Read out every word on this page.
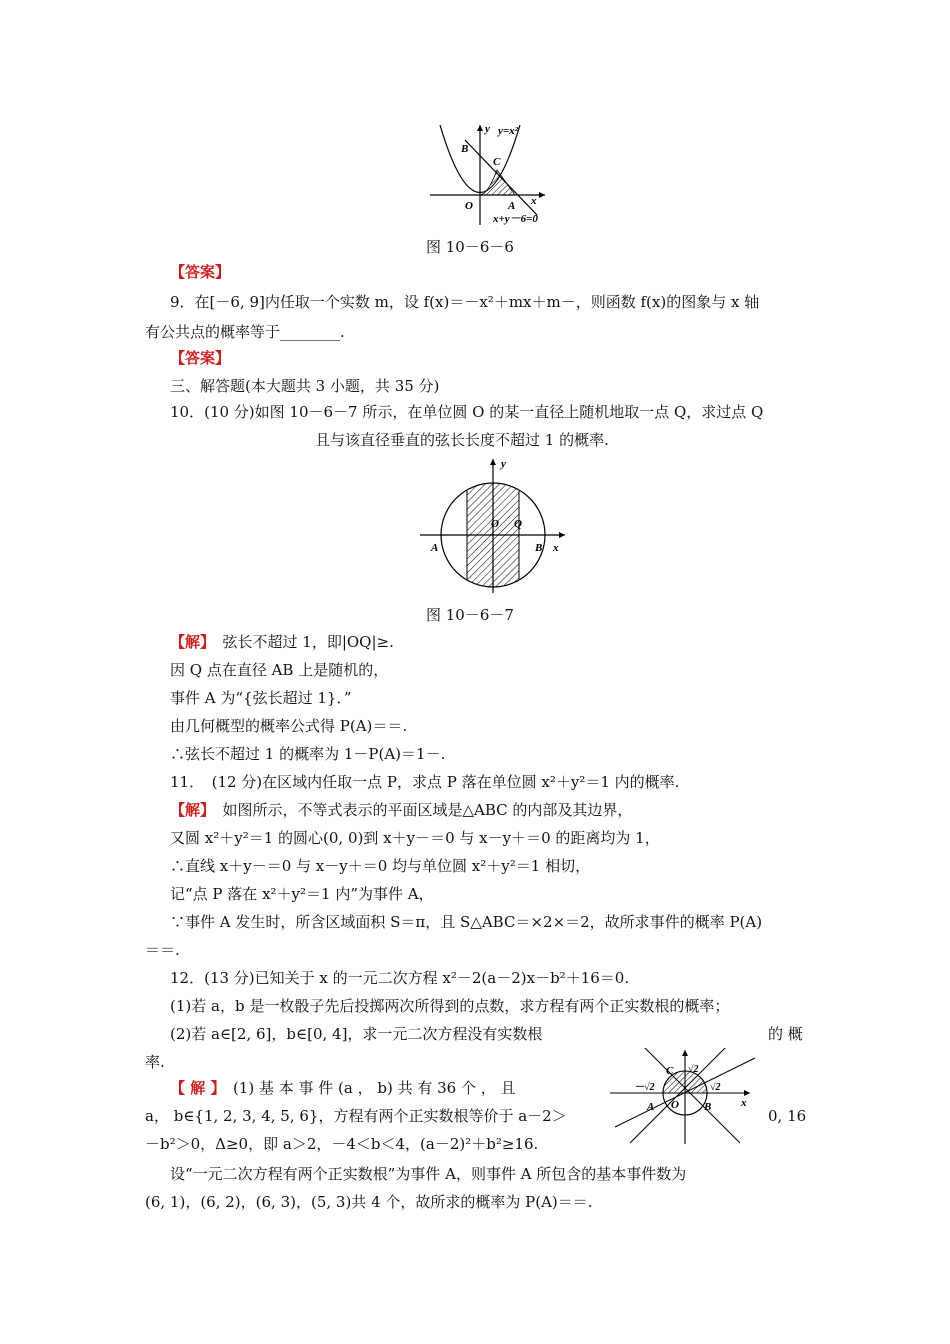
y y=x²
B
C
O	A x
x+y－6=0
图 10－6－6
【答案】
9．在[－6, 9]内任取一个实数 m，设 f(x)＝－x²＋mx＋m－，则函数 f(x)的图象与 x 轴
有公共点的概率等于________.
【答案】
三、解答题(本大题共 3 小题，共 35 分)
10．(10 分)如图 10－6－7 所示，在单位圆 O 的某一直径上随机地取一点 Q，求过点 Q
且与该直径垂直的弦长长度不超过 1 的概率.
y
O Q
A	B x
图 10－6－7
【解】　弦长不超过 1，即|OQ|≥.
因 Q 点在直径 AB 上是随机的，
事件 A 为“{弦长超过 1}．”
由几何概型的概率公式得 P(A)＝＝.
∴弦长不超过 1 的概率为 1－P(A)＝1－.
11．　(12 分)在区域内任取一点 P，求点 P 落在单位圆 x²＋y²＝1 内的概率.
【解】　如图所示，不等式表示的平面区域是△ABC 的内部及其边界，
又圆 x²＋y²＝1 的圆心(0, 0)到 x＋y－＝0 与 x－y＋＝0 的距离均为 1，
∴直线 x＋y－＝0 与 x－y＋＝0 均与单位圆 x²＋y²＝1 相切，
记“点 P 落在 x²＋y²＝1 内”为事件 A，
∵事件 A 发生时，所含区域面积 S＝π，且 S△ABC＝×2×＝2，故所求事件的概率 P(A)
＝＝.
12．(13 分)已知关于 x 的一元二次方程 x²－2(a－2)x－b²＋16＝0.
(1)若 a，b 是一枚骰子先后投掷两次所得到的点数，求方程有两个正实数根的概率；
(2)若 a∈[2, 6]，b∈[0, 4]，求一元二次方程没有实数根	的 概
率.
【 解 】　(1) 基 本 事 件 (a ， b) 共 有 36 个 ， 且
a， b∈{1, 2, 3, 4, 5, 6}，方程有两个正实数根等价于 a－2＞	0, 16
－b²＞0，Δ≥0，即 a＞2，－4＜b＜4，(a－2)²＋b²≥16.
设“一元二次方程有两个正实数根”为事件 A，则事件 A 所包含的基本事件数为
(6, 1)，(6, 2)，(6, 3)，(5, 3)共 4 个，故所求的概率为 P(A)＝＝.
C √2
－√2	√2
A O B	x
